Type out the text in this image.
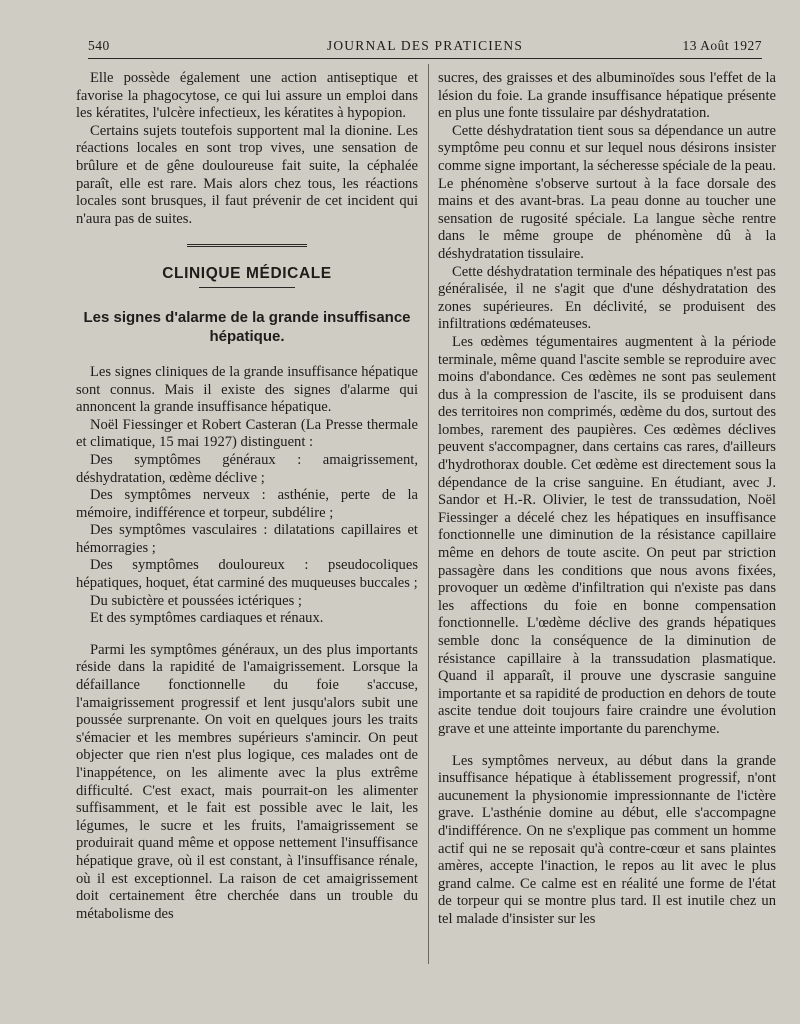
540	JOURNAL DES PRATICIENS	13 Août 1927

Elle possède également une action antiseptique et favorise la phagocytose, ce qui lui assure un emploi dans les kératites, l'ulcère infectieux, les kératites à hypopion.

Certains sujets toutefois supportent mal la dionine. Les réactions locales en sont trop vives, une sensation de brûlure et de gêne douloureuse fait suite, la céphalée paraît, elle est rare. Mais alors chez tous, les réactions locales sont brusques, il faut prévenir de cet incident qui n'aura pas de suites.

CLINIQUE MÉDICALE
Les signes d'alarme de la grande insuffisance hépatique.

Les signes cliniques de la grande insuffisance hépatique sont connus. Mais il existe des signes d'alarme qui annoncent la grande insuffisance hépatique.

Noël Fiessinger et Robert Casteran (La Presse thermale et climatique, 15 mai 1927) distinguent :

Des symptômes généraux : amaigrissement, déshydratation, œdème déclive ;

Des symptômes nerveux : asthénie, perte de la mémoire, indifférence et torpeur, subdélire ;

Des symptômes vasculaires : dilatations capillaires et hémorragies ;

Des symptômes douloureux : pseudocoliques hépatiques, hoquet, état carminé des muqueuses buccales ;

Du subictère et poussées ictériques ;

Et des symptômes cardiaques et rénaux.

Parmi les symptômes généraux, un des plus importants réside dans la rapidité de l'amaigrissement. Lorsque la défaillance fonctionnelle du foie s'accuse, l'amaigrissement progressif et lent jusqu'alors subit une poussée surprenante. On voit en quelques jours les traits s'émacier et les membres supérieurs s'amincir. On peut objecter que rien n'est plus logique, ces malades ont de l'inappétence, on les alimente avec la plus extrême difficulté. C'est exact, mais pourrait-on les alimenter suffisamment, et le fait est possible avec le lait, les légumes, le sucre et les fruits, l'amaigrissement se produirait quand même et oppose nettement l'insuffisance hépatique grave, où il est constant, à l'insuffisance rénale, où il est exceptionnel. La raison de cet amaigrissement doit certainement être cherchée dans un trouble du métabolisme des

sucres, des graisses et des albuminoïdes sous l'effet de la lésion du foie. La grande insuffisance hépatique présente en plus une fonte tissulaire par déshydratation.

Cette déshydratation tient sous sa dépendance un autre symptôme peu connu et sur lequel nous désirons insister comme signe important, la sécheresse spéciale de la peau. Le phénomène s'observe surtout à la face dorsale des mains et des avant-bras. La peau donne au toucher une sensation de rugosité spéciale. La langue sèche rentre dans le même groupe de phénomène dû à la déshydratation tissulaire.

Cette déshydratation terminale des hépatiques n'est pas généralisée, il ne s'agit que d'une déshydratation des zones supérieures. En déclivité, se produisent des infiltrations œdémateuses.

Les œdèmes tégumentaires augmentent à la période terminale, même quand l'ascite semble se reproduire avec moins d'abondance. Ces œdèmes ne sont pas seulement dus à la compression de l'ascite, ils se produisent dans des territoires non comprimés, œdème du dos, surtout des lombes, rarement des paupières. Ces œdèmes déclives peuvent s'accompagner, dans certains cas rares, d'ailleurs d'hydrothorax double. Cet œdème est directement sous la dépendance de la crise sanguine. En étudiant, avec J. Sandor et H.-R. Olivier, le test de transsudation, Noël Fiessinger a décelé chez les hépatiques en insuffisance fonctionnelle une diminution de la résistance capillaire même en dehors de toute ascite. On peut par striction passagère dans les conditions que nous avons fixées, provoquer un œdème d'infiltration qui n'existe pas dans les affections du foie en bonne compensation fonctionnelle. L'œdème déclive des grands hépatiques semble donc la conséquence de la diminution de résistance capillaire à la transsudation plasmatique. Quand il apparaît, il prouve une dyscrasie sanguine importante et sa rapidité de production en dehors de toute ascite tendue doit toujours faire craindre une évolution grave et une atteinte importante du parenchyme.

Les symptômes nerveux, au début dans la grande insuffisance hépatique à établissement progressif, n'ont aucunement la physionomie impressionnante de l'ictère grave. L'asthénie domine au début, elle s'accompagne d'indifférence. On ne s'explique pas comment un homme actif qui ne se reposait qu'à contre-cœur et sans plaintes amères, accepte l'inaction, le repos au lit avec le plus grand calme. Ce calme est en réalité une forme de l'état de torpeur qui se montre plus tard. Il est inutile chez un tel malade d'insister sur les
